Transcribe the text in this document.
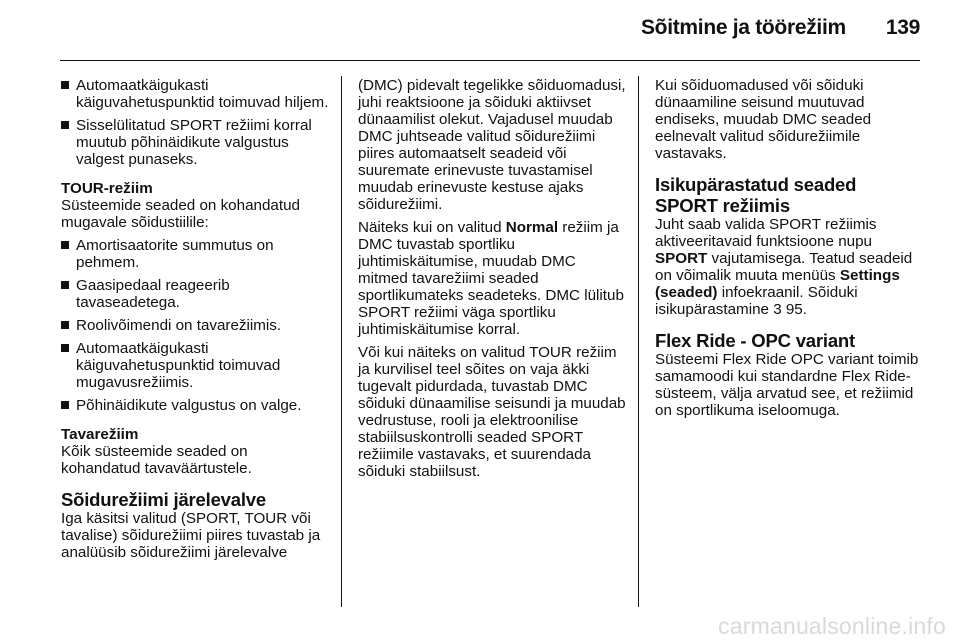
Sõitmine ja töörežiim 139
Automaatkäigukasti käiguvahetuspunktid toimuvad hiljem.
Sisselülitatud SPORT režiimi korral muutub põhinäidikute valgustus valgest punaseks.
TOUR-režiim

Süsteemide seaded on kohandatud mugavale sõidustiilile:

Amortisaatorite summutus on pehmem.
Gaasipedaal reageerib tavaseadetega.
Roolivõimendi on tavarežiimis.
Automaatkäigukasti käiguvahetuspunktid toimuvad mugavusrežiimis.
Põhinäidikute valgustus on valge.
Tavarežiim

Kõik süsteemide seaded on kohandatud tavaväärtustele.

Sõidurežiimi järelevalve

Iga käsitsi valitud (SPORT, TOUR või tavalise) sõidurežiimi piires tuvastab ja analüüsib sõidurežiimi järelevalve

(DMC) pidevalt tegelikke sõiduomadusi, juhi reaktsioone ja sõiduki aktiivset dünaamilist olekut. Vajadusel muudab DMC juhtseade valitud sõidurežiimi piires automaatselt seadeid või suuremate erinevuste tuvastamisel muudab erinevuste kestuse ajaks sõidurežiimi.

Näiteks kui on valitud Normal režiim ja DMC tuvastab sportliku juhtimiskäitumise, muudab DMC mitmed tavarežiimi seaded sportlikumateks seadeteks. DMC lülitub SPORT režiimi väga sportliku juhtimiskäitumise korral.

Või kui näiteks on valitud TOUR režiim ja kurvilisel teel sõites on vaja äkki tugevalt pidurdada, tuvastab DMC sõiduki dünaamilise seisundi ja muudab vedrustuse, rooli ja elektroonilise stabiilsuskontrolli seaded SPORT režiimile vastavaks, et suurendada sõiduki stabiilsust.

Kui sõiduomadused või sõiduki dünaamiline seisund muutuvad endiseks, muudab DMC seaded eelnevalt valitud sõidurežiimile vastavaks.

Isikupärastatud seaded SPORT režiimis

Juht saab valida SPORT režiimis aktiveeritavaid funktsioone nupu SPORT vajutamisega. Teatud seadeid on võimalik muuta menüüs Settings (seaded) infoekraanil. Sõiduki isikupärastamine 3 95.

Flex Ride - OPC variant

Süsteemi Flex Ride OPC variant toimib samamoodi kui standardne Flex Ride-süsteem, välja arvatud see, et režiimid on sportlikuma iseloomuga.

carmanualsonline.info
